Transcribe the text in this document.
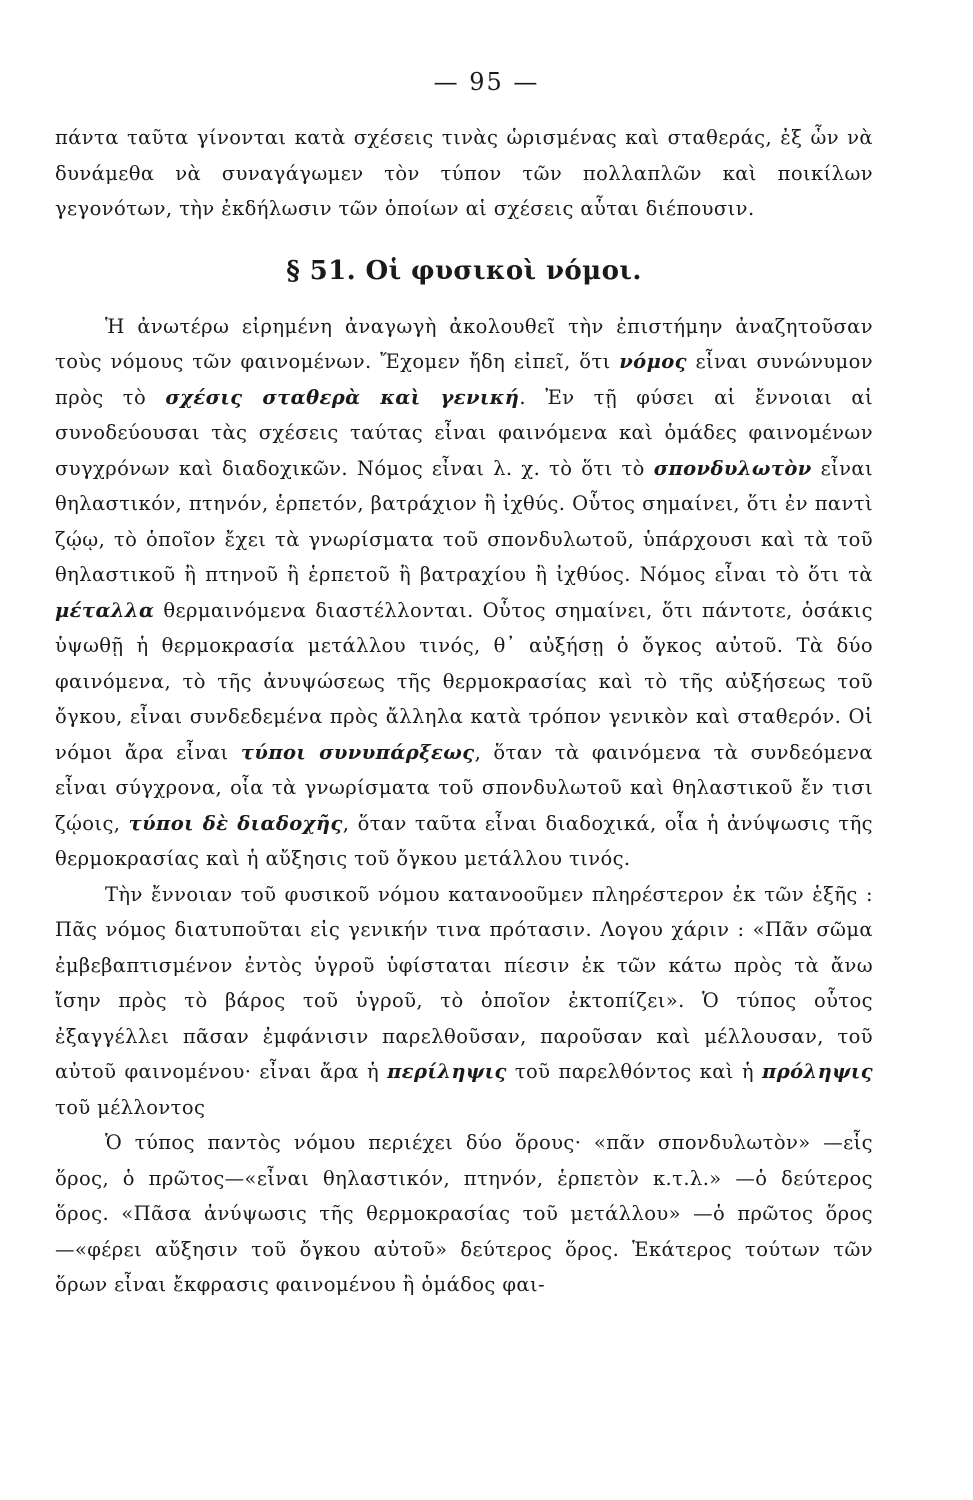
— 95 —

πάντα ταῦτα γίνονται κατὰ σχέσεις τινὰς ὡρισμένας καὶ σταθεράς, ἐξ ὧν νὰ δυνάμεθα νὰ συναγάγωμεν τὸν τύπον τῶν πολλαπλῶν καὶ ποικίλων γεγονότων, τὴν ἐκδήλωσιν τῶν ὁποίων αἱ σχέσεις αὗται διέπουσιν.

§ 51. Οἱ φυσικοὶ νόμοι.

Ἡ ἀνωτέρω εἰρημένη ἀναγωγὴ ἀκολουθεῖ τὴν ἐπιστήμην ἀναζητοῦσαν τοὺς νόμους τῶν φαινομένων. Ἔχομεν ἤδη εἰπεῖ, ὅτι νόμος εἶναι συνώνυμον πρὸς τὸ σχέσις σταθερὰ καὶ γενική. Ἐν τῇ φύσει αἱ ἔννοιαι αἱ συνοδεύουσαι τὰς σχέσεις ταύτας εἶναι φαινόμενα καὶ ὁμάδες φαινομένων συγχρόνων καὶ διαδοχικῶν. Νόμος εἶναι λ. χ. τὸ ὅτι τὸ σπονδυλωτὸν εἶναι θηλαστικόν, πτηνόν, ἑρπετόν, βατράχιον ἢ ἰχθύς. Οὗτος σημαίνει, ὅτι ἐν παντὶ ζῴῳ, τὸ ὁποῖον ἔχει τὰ γνωρίσματα τοῦ σπονδυλωτοῦ, ὑπάρχουσι καὶ τὰ τοῦ θηλαστικοῦ ἢ πτηνοῦ ἢ ἑρπετοῦ ἢ βατραχίου ἢ ἰχθύος. Νόμος εἶναι τὸ ὅτι τὰ μέταλλα θερμαινόμενα διαστέλλονται. Οὗτος σημαίνει, ὅτι πάντοτε, ὁσάκις ὑψωθῇ ἡ θερμοκρασία μετάλλου τινός, θ᾽ αὐξήσῃ ὁ ὄγκος αὐτοῦ. Τὰ δύο φαινόμενα, τὸ τῆς ἀνυψώσεως τῆς θερμοκρασίας καὶ τὸ τῆς αὐξήσεως τοῦ ὄγκου, εἶναι συνδεδεμένα πρὸς ἄλληλα κατὰ τρόπον γενικὸν καὶ σταθερόν. Οἱ νόμοι ἄρα εἶναι τύποι συνυπάρξεως, ὅταν τὰ φαινόμενα τὰ συνδεόμενα εἶναι σύγχρονα, οἷα τὰ γνωρίσματα τοῦ σπονδυλωτοῦ καὶ θηλαστικοῦ ἔν τισι ζῴοις, τύποι δὲ διαδοχῆς, ὅταν ταῦτα εἶναι διαδοχικά, οἷα ἡ ἀνύψωσις τῆς θερμοκρασίας καὶ ἡ αὔξησις τοῦ ὄγκου μετάλλου τινός.

Τὴν ἔννοιαν τοῦ φυσικοῦ νόμου κατανοοῦμεν πληρέστερον ἐκ τῶν ἑξῆς : Πᾶς νόμος διατυποῦται εἰς γενικήν τινα πρότασιν. Λογου χάριν : «Πᾶν σῶμα ἐμβεβαπτισμένον ἐντὸς ὑγροῦ ὑφίσταται πίεσιν ἐκ τῶν κάτω πρὸς τὰ ἄνω ἴσην πρὸς τὸ βάρος τοῦ ὑγροῦ, τὸ ὁποῖον ἐκτοπίζει». Ὁ τύπος οὗτος ἐξαγγέλλει πᾶσαν ἐμφάνισιν παρελθοῦσαν, παροῦσαν καὶ μέλλουσαν, τοῦ αὐτοῦ φαινομένου· εἶναι ἄρα ἡ περίληψις τοῦ παρελθόντος καὶ ἡ πρόληψις τοῦ μέλλοντος

Ὁ τύπος παντὸς νόμου περιέχει δύο ὅρους· «πᾶν σπονδυλωτὸν» —εἷς ὅρος, ὁ πρῶτος—«εἶναι θηλαστικόν, πτηνόν, ἑρπετὸν κ.τ.λ.» —ὁ δεύτερος ὅρος. «Πᾶσα ἀνύψωσις τῆς θερμοκρασίας τοῦ μετάλλου» —ὁ πρῶτος ὅρος—«φέρει αὔξησιν τοῦ ὄγκου αὐτοῦ» δεύτερος ὅρος. Ἑκάτερος τούτων τῶν ὅρων εἶναι ἔκφρασις φαινομένου ἢ ὁμάδος φαι-
